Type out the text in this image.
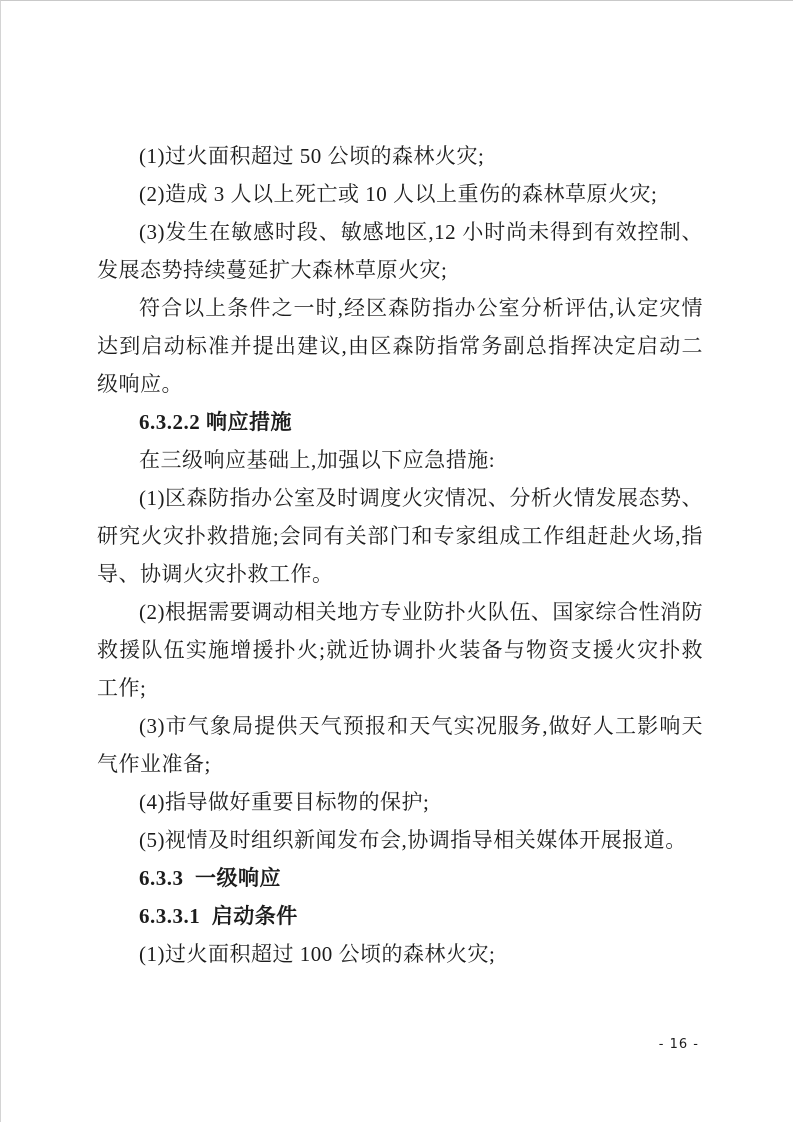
(1)过火面积超过 50 公顷的森林火灾;

(2)造成 3 人以上死亡或 10 人以上重伤的森林草原火灾;

(3)发生在敏感时段、敏感地区,12 小时尚未得到有效控制、发展态势持续蔓延扩大森林草原火灾;

符合以上条件之一时,经区森防指办公室分析评估,认定灾情达到启动标准并提出建议,由区森防指常务副总指挥决定启动二级响应。

6.3.2.2 响应措施

在三级响应基础上,加强以下应急措施:

(1)区森防指办公室及时调度火灾情况、分析火情发展态势、研究火灾扑救措施;会同有关部门和专家组成工作组赶赴火场,指导、协调火灾扑救工作。

(2)根据需要调动相关地方专业防扑火队伍、国家综合性消防救援队伍实施增援扑火;就近协调扑火装备与物资支援火灾扑救工作;

(3)市气象局提供天气预报和天气实况服务,做好人工影响天气作业准备;

(4)指导做好重要目标物的保护;

(5)视情及时组织新闻发布会,协调指导相关媒体开展报道。

6.3.3  一级响应
6.3.3.1  启动条件

(1)过火面积超过 100 公顷的森林火灾;

- 16 -
